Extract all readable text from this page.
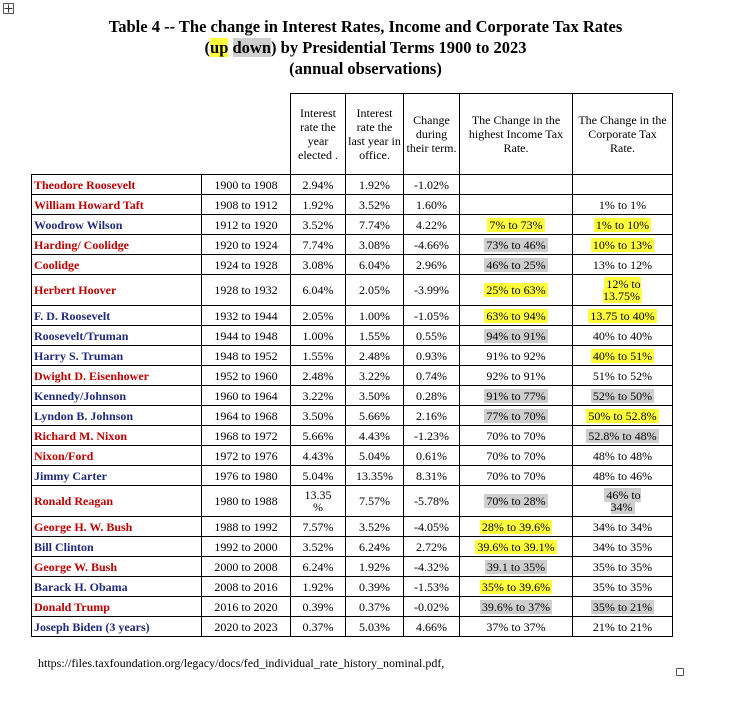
Table 4 -- The change in Interest Rates, Income and Corporate Tax Rates
(up down) by Presidential Terms 1900 to 2023
(annual observations)
		Interest rate the year elected .	Interest rate the last year in office.	Change during their term.	The Change in the highest Income Tax Rate.	The Change in the Corporate Tax Rate.
Theodore Roosevelt	1900 to 1908	2.94%	1.92%	-1.02%		
William Howard Taft	1908 to 1912	1.92%	3.52%	1.60%		1% to 1%
Woodrow Wilson	1912 to 1920	3.52%	7.74%	4.22%	7% to 73%	1% to 10%
Harding/ Coolidge	1920 to 1924	7.74%	3.08%	-4.66%	73% to 46%	10% to 13%
Coolidge	1924 to 1928	3.08%	6.04%	2.96%	46% to 25%	13% to 12%
Herbert Hoover	1928 to 1932	6.04%	2.05%	-3.99%	25% to 63%	12% to 13.75%
F. D. Roosevelt	1932 to 1944	2.05%	1.00%	-1.05%	63% to 94%	13.75 to 40%
Roosevelt/Truman	1944 to 1948	1.00%	1.55%	0.55%	94% to 91%	40% to 40%
Harry S. Truman	1948 to 1952	1.55%	2.48%	0.93%	91% to 92%	40% to 51%
Dwight D. Eisenhower	1952 to 1960	2.48%	3.22%	0.74%	92% to 91%	51% to 52%
Kennedy/Johnson	1960 to 1964	3.22%	3.50%	0.28%	91% to 77%	52% to 50%
Lyndon B. Johnson	1964 to 1968	3.50%	5.66%	2.16%	77% to 70%	50% to 52.8%
Richard M. Nixon	1968 to 1972	5.66%	4.43%	-1.23%	70% to 70%	52.8% to 48%
Nixon/Ford	1972 to 1976	4.43%	5.04%	0.61%	70% to 70%	48% to 48%
Jimmy Carter	1976 to 1980	5.04%	13.35%	8.31%	70% to 70%	48% to 46%
Ronald Reagan	1980 to 1988	13.35 %	7.57%	-5.78%	70% to 28%	46% to 34%
George H. W. Bush	1988 to 1992	7.57%	3.52%	-4.05%	28% to 39.6%	34% to 34%
Bill Clinton	1992 to 2000	3.52%	6.24%	2.72%	39.6% to 39.1%	34% to 35%
George W. Bush	2000 to 2008	6.24%	1.92%	-4.32%	39.1 to 35%	35% to 35%
Barack H. Obama	2008 to 2016	1.92%	0.39%	-1.53%	35% to 39.6%	35% to 35%
Donald Trump	2016 to 2020	0.39%	0.37%	-0.02%	39.6% to 37%	35% to 21%
Joseph Biden (3 years)	2020 to 2023	0.37%	5.03%	4.66%	37% to 37%	21% to 21%
https://files.taxfoundation.org/legacy/docs/fed_individual_rate_history_nominal.pdf,
